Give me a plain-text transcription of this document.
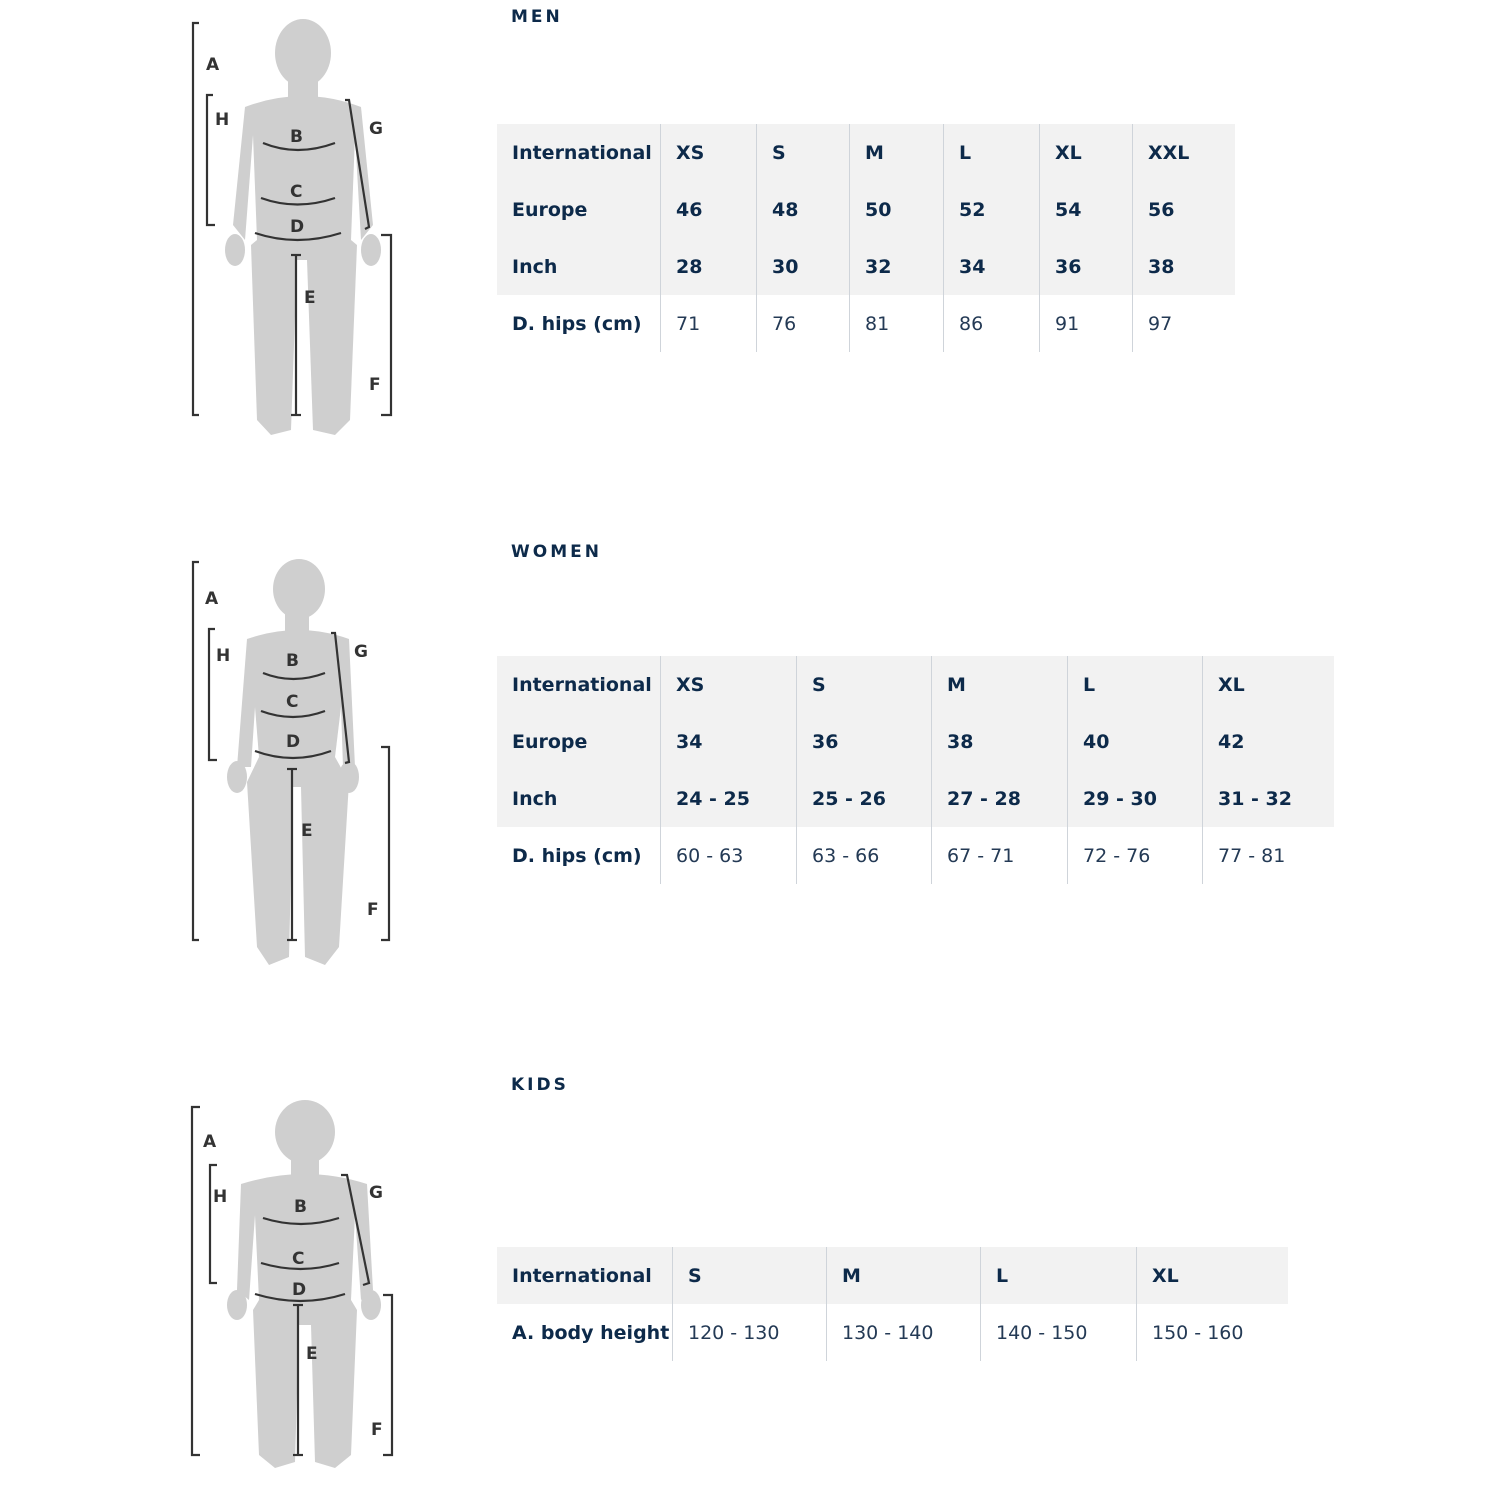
A
H
B
C
D
E
G
F
MEN
International	XS	S	M	L	XL	XXL
Europe	46	48	50	52	54	56
Inch	28	30	32	34	36	38
D. hips (cm)	71	76	81	86	91	97
A
H	B
C
D
E
G
F
WOMEN
International	XS	S	M	L	XL
Europe	34	36	38	40	42
Inch	24 - 25	25 - 26	27 - 28	29 - 30	31 - 32
D. hips (cm)	60 - 63	63 - 66	67 - 71	72 - 76	77 - 81
A
H	B
C
D
E
G
F
KIDS
International	S	M	L	XL
A. body height	120 - 130	130 - 140	140 - 150	150 - 160
